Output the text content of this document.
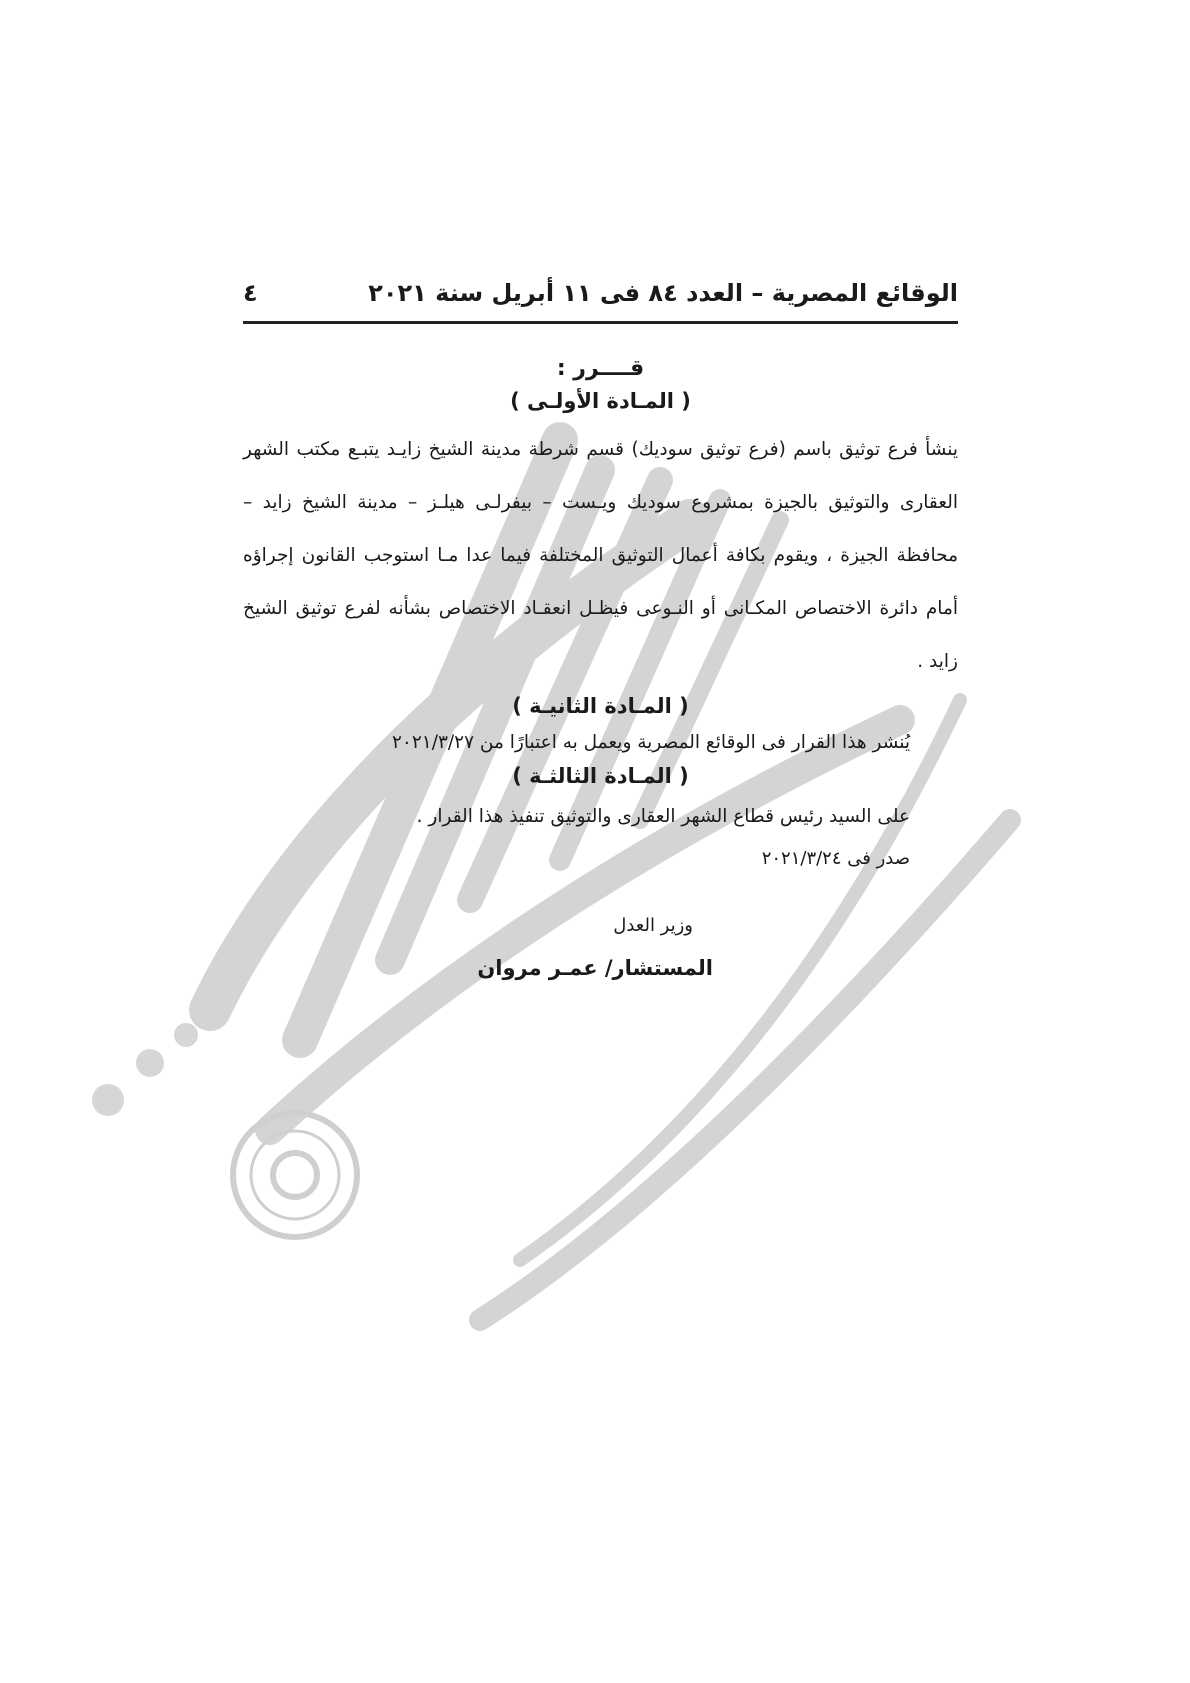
الوقائع المصرية – العدد ٨٤ فى ١١ أبريل سنة ٢٠٢١
٤
قــــرر :
( المـادة الأولـى )

ينشأ فرع توثيق باسم (فرع توثيق سوديك) قسم شرطة مدينة الشيخ زايـد يتبـع مكتب الشهر العقارى والتوثيق بالجيزة بمشروع سوديك ويـست – بيفرلـى هيلـز – مدينة الشيخ زايد – محافظة الجيزة ، ويقوم بكافة أعمال التوثيق المختلفة فيما عدا مـا استوجب القانون إجراؤه أمام دائرة الاختصاص المكـانى أو النـوعى فيظـل انعقـاد الاختصاص بشأنه لفرع توثيق الشيخ زايد .

( المـادة الثانيـة )

يُنشر هذا القرار فى الوقائع المصرية ويعمل به اعتبارًا من ٢٠٢١/٣/٢٧

( المـادة الثالثـة )

على السيد رئيس قطاع الشهر العقارى والتوثيق تنفيذ هذا القرار .

صدر فى ٢٠٢١/٣/٢٤
وزير العدل
المستشار/ عمـر مروان
